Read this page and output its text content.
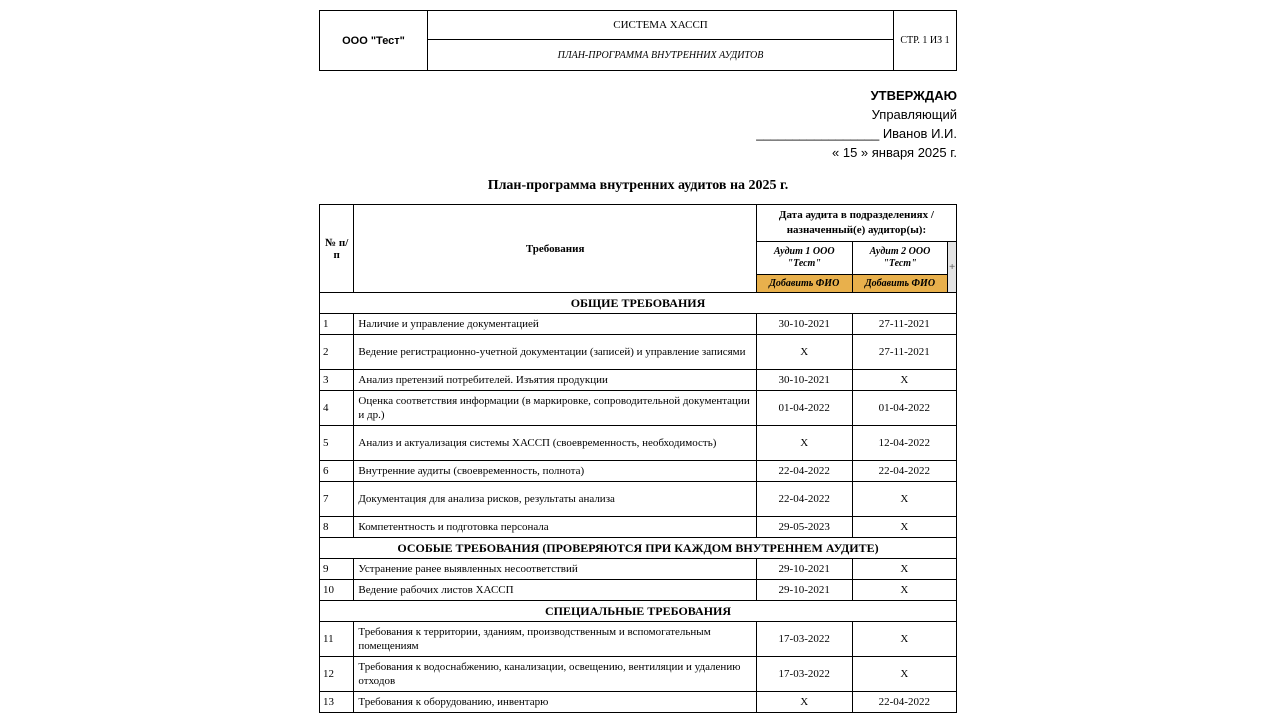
ООО "Тест"	СИСТЕМА ХАССП	СТР. 1 ИЗ 1
ПЛАН-ПРОГРАММА ВНУТРЕННИХ АУДИТОВ
УТВЕРЖДАЮ
Управляющий
_________________ Иванов И.И.
« 15 » января 2025 г.
План-программа внутренних аудитов на 2025 г.
№ п/п	Требования	Дата аудита в подразделениях / назначенный(е) аудитор(ы):		
		Аудит 1 ООО "Тест"	Аудит 2 ООО "Тест"	+
		Добавить ФИО	Добавить ФИО	
ОБЩИЕ ТРЕБОВАНИЯ				
1	Наличие и управление документацией	30-10-2021	27-11-2021	
2	Ведение регистрационно-учетной документации (записей) и управление записями	X	27-11-2021	
3	Анализ претензий потребителей. Изъятия продукции	30-10-2021	X	
4	Оценка соответствия информации (в маркировке, сопроводительной документации и др.)	01-04-2022	01-04-2022	
5	Анализ и актуализация системы ХАССП (своевременность, необходимость)	X	12-04-2022	
6	Внутренние аудиты (своевременность, полнота)	22-04-2022	22-04-2022	
7	Документация для анализа рисков, результаты анализа	22-04-2022	X	
8	Компетентность и подготовка персонала	29-05-2023	X	
ОСОБЫЕ ТРЕБОВАНИЯ (ПРОВЕРЯЮТСЯ ПРИ КАЖДОМ ВНУТРЕННЕМ АУДИТЕ)				
9	Устранение ранее выявленных несоответствий	29-10-2021	X	
10	Ведение рабочих листов ХАССП	29-10-2021	X	
СПЕЦИАЛЬНЫЕ ТРЕБОВАНИЯ				
11	Требования к территории, зданиям, производственным и вспомогательным помещениям	17-03-2022	X	
12	Требования к водоснабжению, канализации, освещению, вентиляции и удалению отходов	17-03-2022	X	
13	Требования к оборудованию, инвентарю	X	22-04-2022	
